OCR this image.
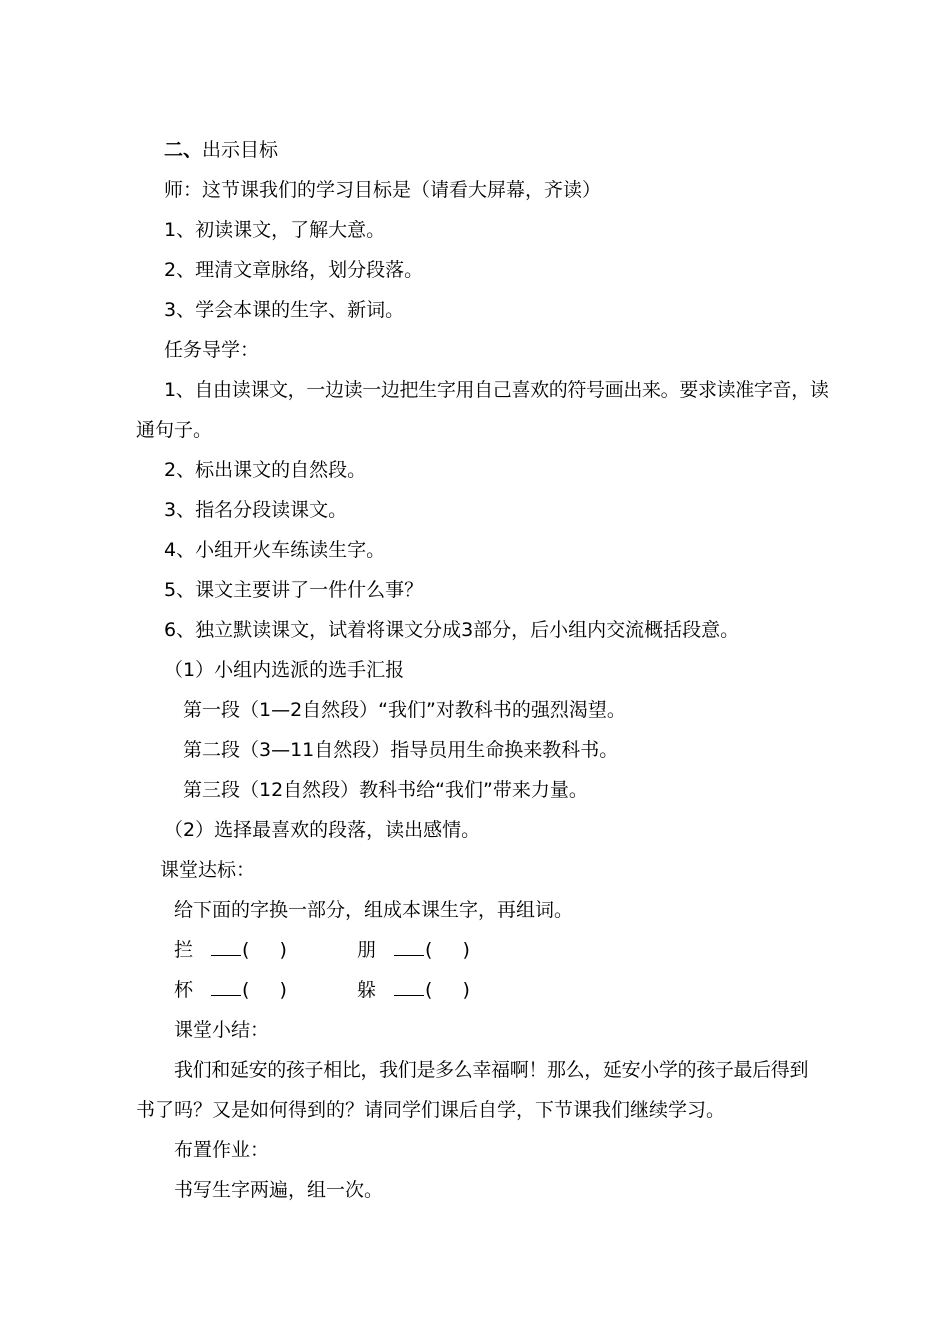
二、出示目标
师：这节课我们的学习目标是（请看大屏幕，齐读）
1、初读课文，了解大意。
2、理清文章脉络，划分段落。
3、学会本课的生字、新词。
任务导学：
1、自由读课文，一边读一边把生字用自己喜欢的符号画出来。要求读准字音，读
通句子。
2、标出课文的自然段。
3、指名分段读课文。
4、小组开火车练读生字。
5、课文主要讲了一件什么事？
6、独立默读课文，试着将课文分成3部分，后小组内交流概括段意。
（1）小组内选派的选手汇报
第一段（1—2自然段）“我们”对教科书的强烈渴望。
第二段（3—11自然段）指导员用生命换来教科书。
第三段（12自然段）教科书给“我们”带来力量。
（2）选择最喜欢的段落，读出感情。
课堂达标：
给下面的字换一部分，组成本课生字，再组词。
拦	( )	朋	( )
杯	( )	躲	( )
课堂小结：
我们和延安的孩子相比，我们是多么幸福啊！那么，延安小学的孩子最后得到
书了吗？又是如何得到的？请同学们课后自学，下节课我们继续学习。
布置作业：
书写生字两遍，组一次。
